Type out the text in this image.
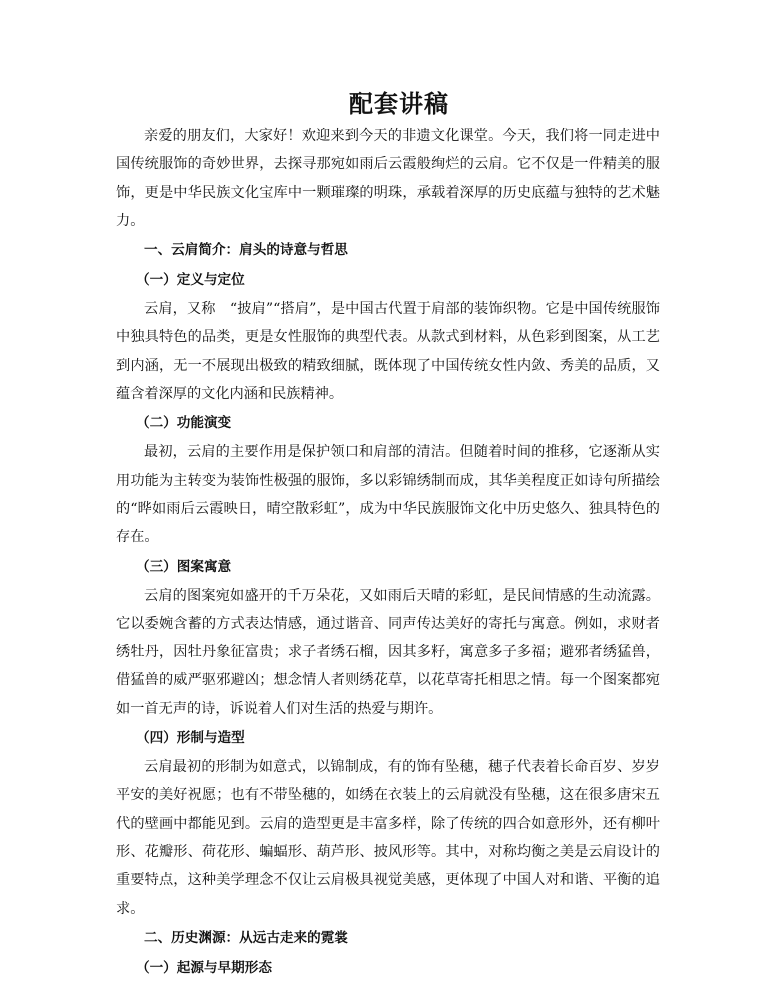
配套讲稿

亲爱的朋友们，大家好！欢迎来到今天的非遗文化课堂。今天，我们将一同走进中国传统服饰的奇妙世界，去探寻那宛如雨后云霞般绚烂的云肩。它不仅是一件精美的服饰，更是中华民族文化宝库中一颗璀璨的明珠，承载着深厚的历史底蕴与独特的艺术魅力。

一、云肩简介：肩头的诗意与哲思

（一）定义与定位

云肩，又称　“披肩”“搭肩”，是中国古代置于肩部的装饰织物。它是中国传统服饰中独具特色的品类，更是女性服饰的典型代表。从款式到材料，从色彩到图案，从工艺到内涵，无一不展现出极致的精致细腻，既体现了中国传统女性内敛、秀美的品质，又蕴含着深厚的文化内涵和民族精神。

（二）功能演变

最初，云肩的主要作用是保护领口和肩部的清洁。但随着时间的推移，它逐渐从实用功能为主转变为装饰性极强的服饰，多以彩锦绣制而成，其华美程度正如诗句所描绘的“晔如雨后云霞映日，晴空散彩虹”，成为中华民族服饰文化中历史悠久、独具特色的存在。

（三）图案寓意

云肩的图案宛如盛开的千万朵花，又如雨后天晴的彩虹，是民间情感的生动流露。它以委婉含蓄的方式表达情感，通过谐音、同声传达美好的寄托与寓意。例如，求财者绣牡丹，因牡丹象征富贵；求子者绣石榴，因其多籽，寓意多子多福；避邪者绣猛兽，借猛兽的威严驱邪避凶；想念情人者则绣花草，以花草寄托相思之情。每一个图案都宛如一首无声的诗，诉说着人们对生活的热爱与期许。

（四）形制与造型

云肩最初的形制为如意式，以锦制成，有的饰有坠穗，穗子代表着长命百岁、岁岁平安的美好祝愿；也有不带坠穗的，如绣在衣装上的云肩就没有坠穗，这在很多唐宋五代的壁画中都能见到。云肩的造型更是丰富多样，除了传统的四合如意形外，还有柳叶形、花瓣形、荷花形、蝙蝠形、葫芦形、披风形等。其中，对称均衡之美是云肩设计的重要特点，这种美学理念不仅让云肩极具视觉美感，更体现了中国人对和谐、平衡的追求。

二、历史渊源：从远古走来的霓裳

（一）起源与早期形态
